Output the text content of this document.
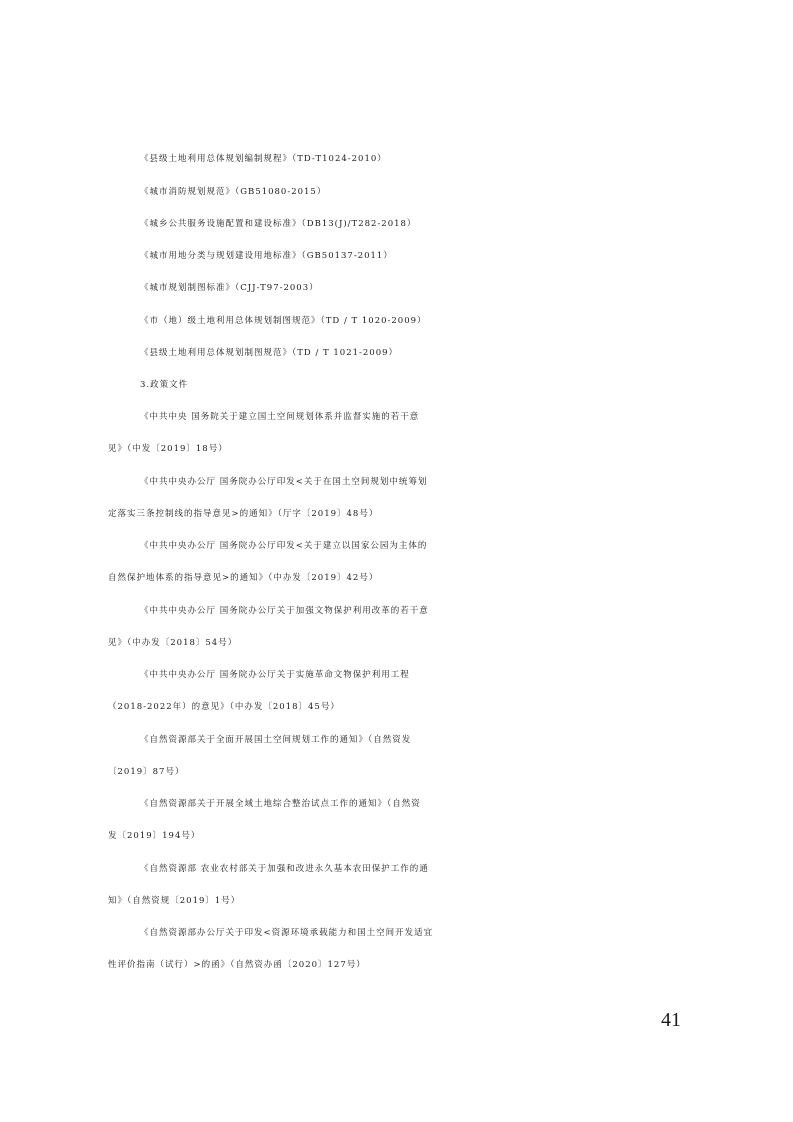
《县级土地利用总体规划编制规程》（TD-T1024-2010）
《城市消防规划规范》（GB51080-2015）
《城乡公共服务设施配置和建设标准》（DB13(J)/T282-2018）
《城市用地分类与规划建设用地标准》（GB50137-2011）
《城市规划制图标准》（CJJ-T97-2003）
《市（地）级土地利用总体规划制图规范》（TD / T 1020-2009）
《县级土地利用总体规划制图规范》（TD / T 1021-2009）
3.政策文件
《中共中央 国务院关于建立国土空间规划体系并监督实施的若干意
见》（中发〔2019〕18号）
《中共中央办公厅 国务院办公厅印发<关于在国土空间规划中统筹划
定落实三条控制线的指导意见>的通知》（厅字〔2019〕48号）
《中共中央办公厅 国务院办公厅印发<关于建立以国家公园为主体的
自然保护地体系的指导意见>的通知》（中办发〔2019〕42号）
《中共中央办公厅 国务院办公厅关于加强文物保护利用改革的若干意
见》（中办发〔2018〕54号）
《中共中央办公厅 国务院办公厅关于实施革命文物保护利用工程
（2018-2022年）的意见》（中办发〔2018〕45号）
《自然资源部关于全面开展国土空间规划工作的通知》（自然资发
〔2019〕87号）
《自然资源部关于开展全域土地综合整治试点工作的通知》（自然资
发〔2019〕194号）
《自然资源部 农业农村部关于加强和改进永久基本农田保护工作的通
知》（自然资规〔2019〕1号）
《自然资源部办公厅关于印发<资源环境承载能力和国土空间开发适宜
性评价指南（试行）>的函》（自然资办函〔2020〕127号）
41
